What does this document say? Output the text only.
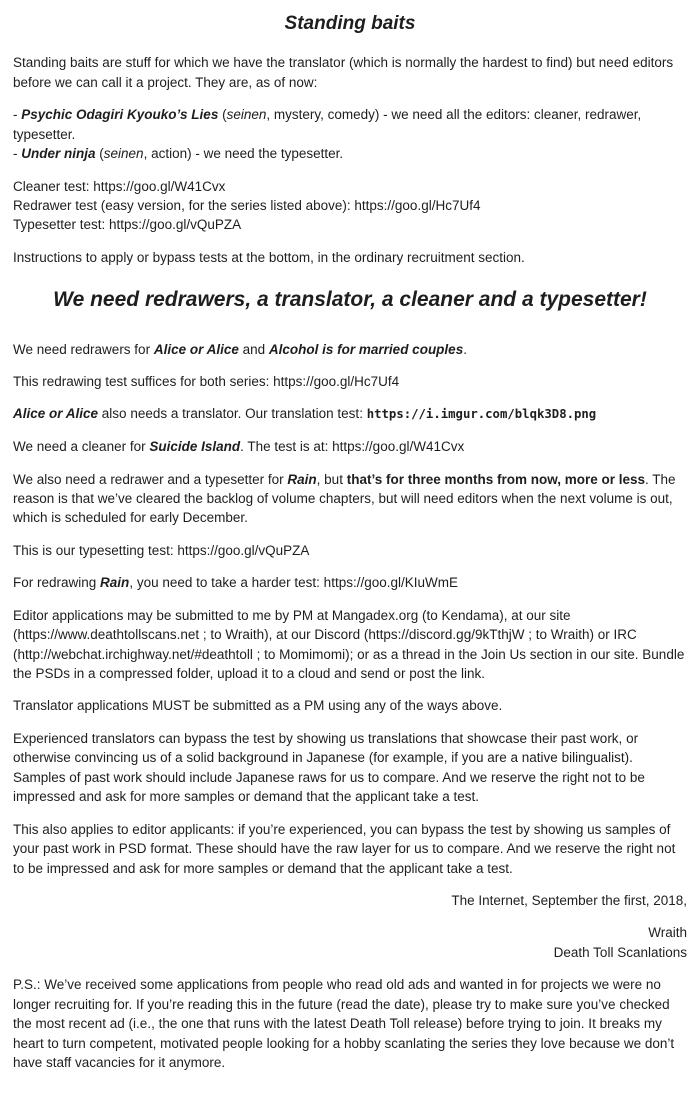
Standing baits

Standing baits are stuff for which we have the translator (which is normally the hardest to find) but need editors before we can call it a project. They are, as of now:

- Psychic Odagiri Kyouko’s Lies (seinen, mystery, comedy) - we need all the editors: cleaner, redrawer, typesetter.
- Under ninja (seinen, action) - we need the typesetter.

Cleaner test: https://goo.gl/W41Cvx
Redrawer test (easy version, for the series listed above): https://goo.gl/Hc7Uf4
Typesetter test: https://goo.gl/vQuPZA

Instructions to apply or bypass tests at the bottom, in the ordinary recruitment section.

We need redrawers, a translator, a cleaner and a typesetter!

We need redrawers for Alice or Alice and Alcohol is for married couples.

This redrawing test suffices for both series: https://goo.gl/Hc7Uf4

Alice or Alice also needs a translator. Our translation test: https://i.imgur.com/blqk3D8.png

We need a cleaner for Suicide Island. The test is at: https://goo.gl/W41Cvx

We also need a redrawer and a typesetter for Rain, but that’s for three months from now, more or less. The reason is that we’ve cleared the backlog of volume chapters, but will need editors when the next volume is out, which is scheduled for early December.

This is our typesetting test: https://goo.gl/vQuPZA

For redrawing Rain, you need to take a harder test: https://goo.gl/KIuWmE

Editor applications may be submitted to me by PM at Mangadex.org (to Kendama), at our site (https://www.deathtollscans.net ; to Wraith), at our Discord (https://discord.gg/9kTthjW ; to Wraith) or IRC (http://webchat.irchighway.net/#deathtoll ; to Momimomi); or as a thread in the Join Us section in our site. Bundle the PSDs in a compressed folder, upload it to a cloud and send or post the link.

Translator applications MUST be submitted as a PM using any of the ways above.

Experienced translators can bypass the test by showing us translations that showcase their past work, or otherwise convincing us of a solid background in Japanese (for example, if you are a native bilingualist). Samples of past work should include Japanese raws for us to compare. And we reserve the right not to be impressed and ask for more samples or demand that the applicant take a test.

This also applies to editor applicants: if you’re experienced, you can bypass the test by showing us samples of your past work in PSD format. These should have the raw layer for us to compare. And we reserve the right not to be impressed and ask for more samples or demand that the applicant take a test.

The Internet, September the first, 2018,

Wraith
Death Toll Scanlations

P.S.: We’ve received some applications from people who read old ads and wanted in for projects we were no longer recruiting for. If you’re reading this in the future (read the date), please try to make sure you’ve checked the most recent ad (i.e., the one that runs with the latest Death Toll release) before trying to join. It breaks my heart to turn competent, motivated people looking for a hobby scanlating the series they love because we don’t have staff vacancies for it anymore.
